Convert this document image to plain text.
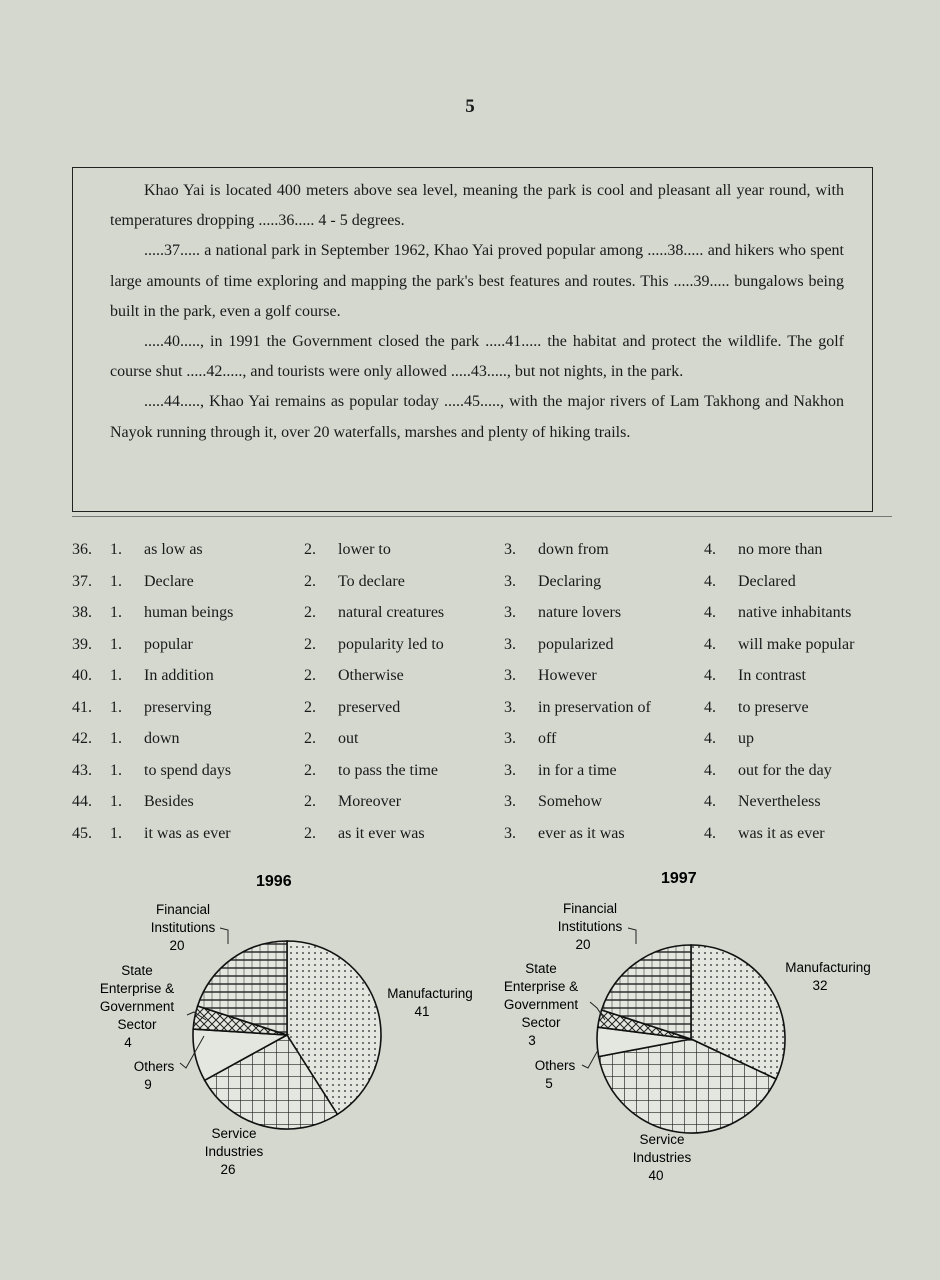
5

Khao Yai is located 400 meters above sea level, meaning the park is cool and pleasant all year round, with temperatures dropping .....36..... 4 - 5 degrees.

.....37..... a national park in September 1962, Khao Yai proved popular among .....38..... and hikers who spent large amounts of time exploring and mapping the park's best features and routes. This .....39..... bungalows being built in the park, even a golf course.

.....40....., in 1991 the Government closed the park .....41..... the habitat and protect the wildlife. The golf course shut .....42....., and tourists were only allowed .....43....., but not nights, in the park.

.....44....., Khao Yai remains as popular today .....45....., with the major rivers of Lam Takhong and Nakhon Nayok running through it, over 20 waterfalls, marshes and plenty of hiking trails.

36. 1. as low as	2. lower to	3. down from	4. no more than
37. 1. Declare	2. To declare	3. Declaring	4. Declared
38. 1. human beings	2. natural creatures	3. nature lovers	4. native inhabitants
39. 1. popular	2. popularity led to	3. popularized	4. will make popular
40. 1. In addition	2. Otherwise	3. However	4. In contrast
41. 1. preserving	2. preserved	3. in preservation of	4. to preserve
42. 1. down	2. out	3. off	4. up
43. 1. to spend days	2. to pass the time	3. in for a time	4. out for the day
44. 1. Besides	2. Moreover	3. Somehow	4. Nevertheless
45. 1. it was as ever	2. as it ever was	3. ever as it was	4. was it as ever
1996	1997
Financial
Institutions
20
State
Enterprise &
Government
Sector
4
Others
9
Service
Industries
26
Manufacturing
41
Financial
Institutions
20
State
Enterprise &
Government
Sector
3
Others
5
Service
Industries
40
Manufacturing
32
